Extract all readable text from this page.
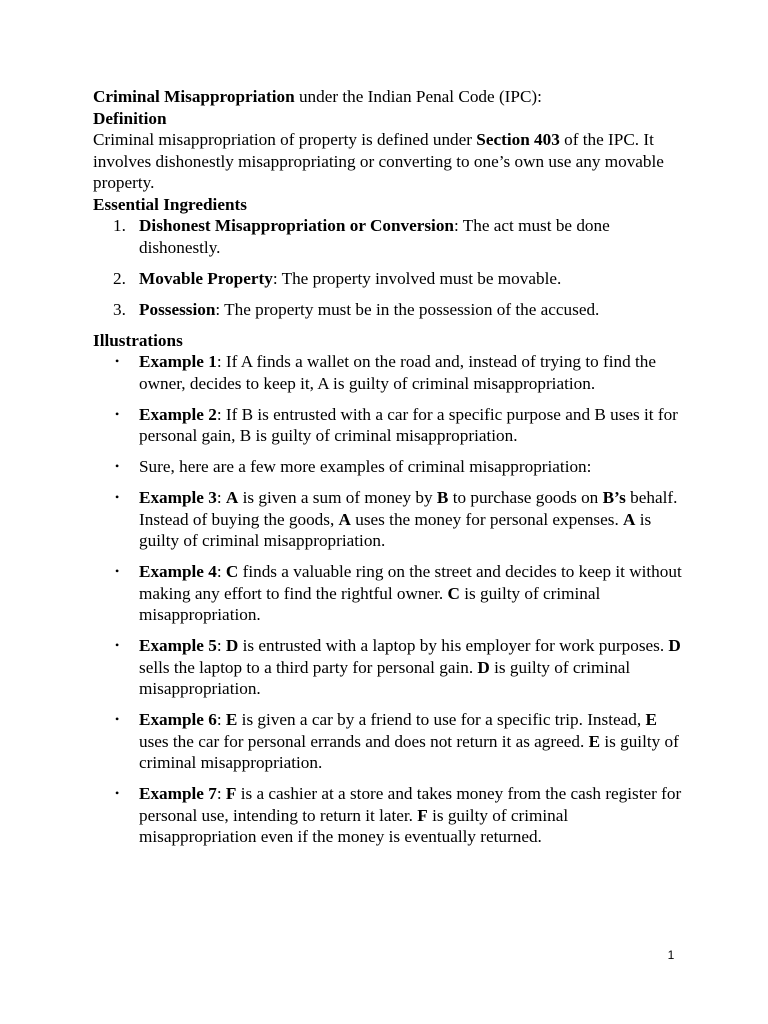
Criminal Misappropriation under the Indian Penal Code (IPC):

Definition

Criminal misappropriation of property is defined under Section 403 of the IPC. It involves dishonestly misappropriating or converting to one’s own use any movable property.

Essential Ingredients

1. Dishonest Misappropriation or Conversion: The act must be done dishonestly.
2. Movable Property: The property involved must be movable.
3. Possession: The property must be in the possession of the accused.

Illustrations

• Example 1: If A finds a wallet on the road and, instead of trying to find the owner, decides to keep it, A is guilty of criminal misappropriation.
• Example 2: If B is entrusted with a car for a specific purpose and B uses it for personal gain, B is guilty of criminal misappropriation.
• Sure, here are a few more examples of criminal misappropriation:
• Example 3: A is given a sum of money by B to purchase goods on B’s behalf. Instead of buying the goods, A uses the money for personal expenses. A is guilty of criminal misappropriation.
• Example 4: C finds a valuable ring on the street and decides to keep it without making any effort to find the rightful owner. C is guilty of criminal misappropriation.
• Example 5: D is entrusted with a laptop by his employer for work purposes. D sells the laptop to a third party for personal gain. D is guilty of criminal misappropriation.
• Example 6: E is given a car by a friend to use for a specific trip. Instead, E uses the car for personal errands and does not return it as agreed. E is guilty of criminal misappropriation.
• Example 7: F is a cashier at a store and takes money from the cash register for personal use, intending to return it later. F is guilty of criminal misappropriation even if the money is eventually returned.
1
